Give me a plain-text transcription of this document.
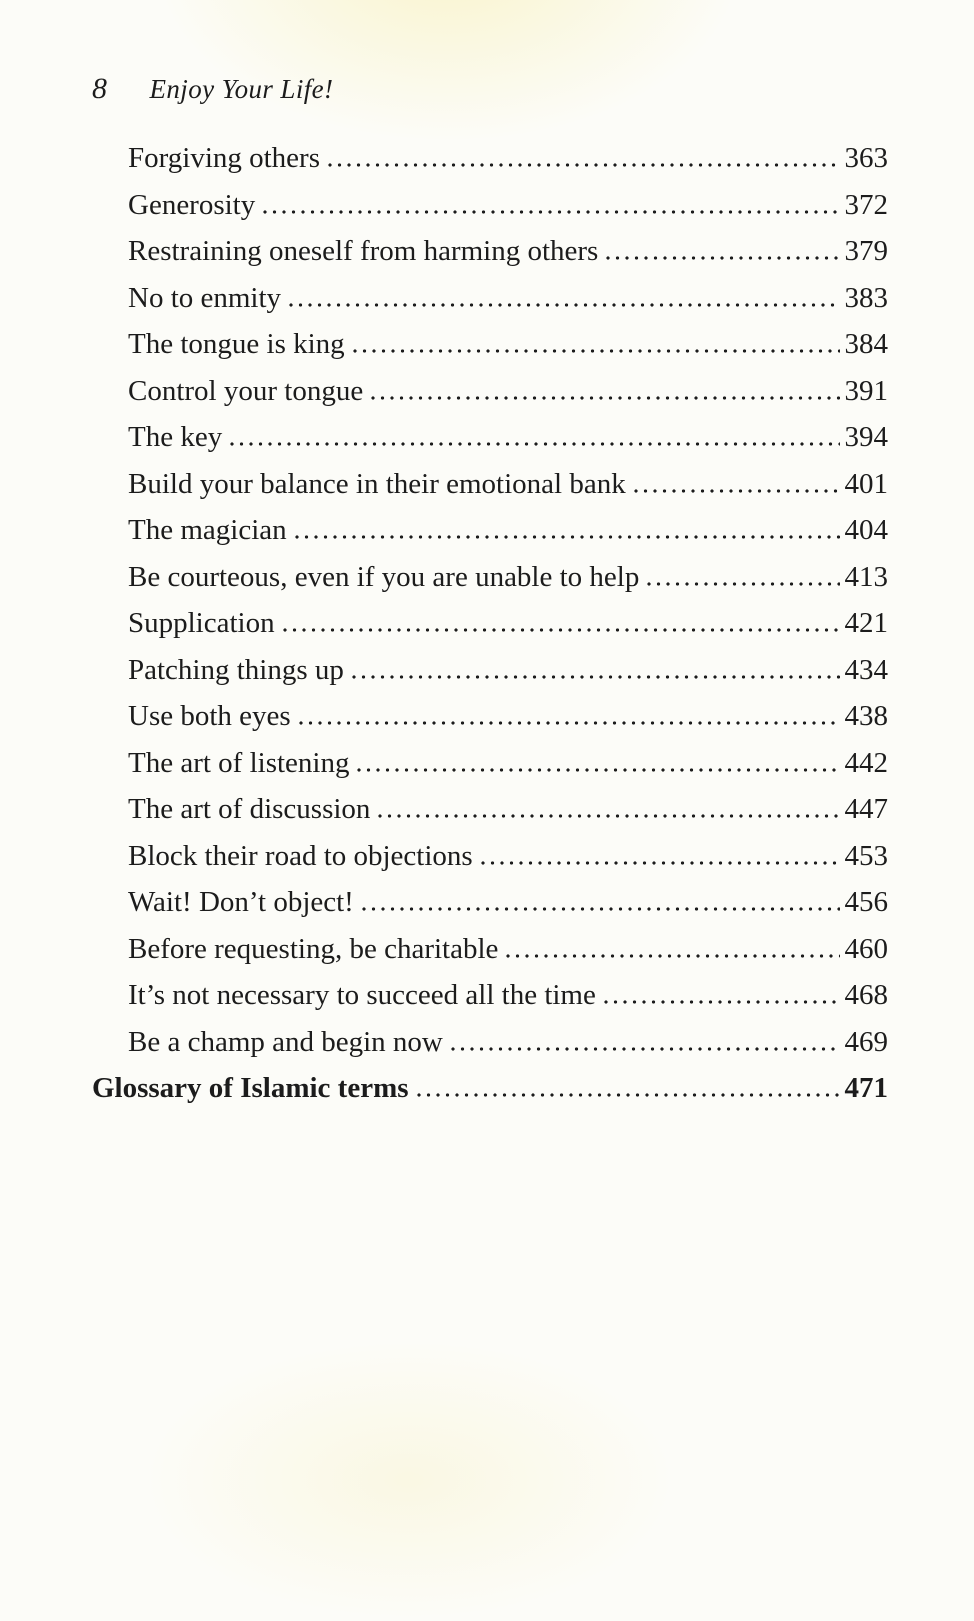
8 Enjoy Your Life!
Forgiving others	363
Generosity	372
Restraining oneself from harming others	379
No to enmity	383
The tongue is king	384
Control your tongue	391
The key	394
Build your balance in their emotional bank	401
The magician	404
Be courteous, even if you are unable to help	413
Supplication	421
Patching things up	434
Use both eyes	438
The art of listening	442
The art of discussion	447
Block their road to objections	453
Wait! Don’t object!	456
Before requesting, be charitable	460
It’s not necessary to succeed all the time	468
Be a champ and begin now	469
Glossary of Islamic terms	471
